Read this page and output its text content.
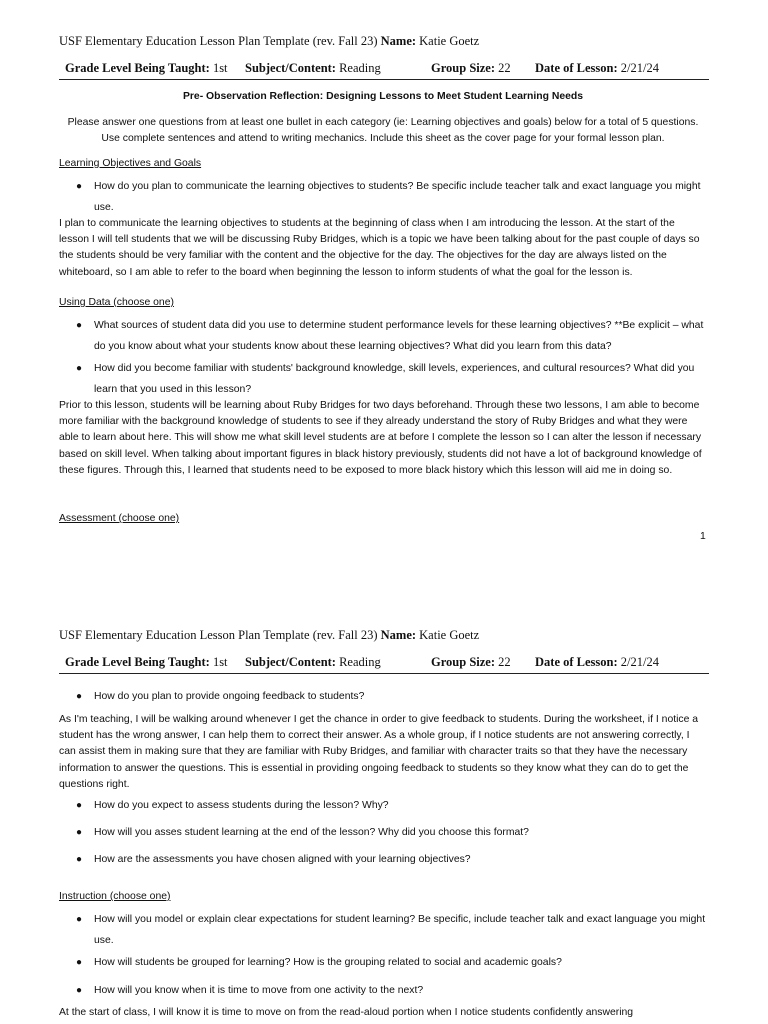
USF Elementary Education Lesson Plan Template (rev. Fall 23) Name: Katie Goetz
Grade Level Being Taught: 1st Subject/Content: Reading	Group Size: 22 Date of Lesson: 2/21/24
Pre- Observation Reflection: Designing Lessons to Meet Student Learning Needs
Please answer one questions from at least one bullet in each category (ie: Learning objectives and goals) below for a total of 5 questions. Use complete sentences and attend to writing mechanics. Include this sheet as the cover page for your formal lesson plan.
Learning Objectives and Goals
● How do you plan to communicate the learning objectives to students? Be specific include teacher talk and exact language you might use.
I plan to communicate the learning objectives to students at the beginning of class when I am introducing the lesson. At the start of the lesson I will tell students that we will be discussing Ruby Bridges, which is a topic we have been talking about for the past couple of days so the students should be very familiar with the content and the objective for the day. The objectives for the day are always listed on the whiteboard, so I am able to refer to the board when beginning the lesson to inform students of what the goal for the lesson is.
Using Data (choose one)
● What sources of student data did you use to determine student performance levels for these learning objectives? **Be explicit – what do you know about what your students know about these learning objectives? What did you learn from this data?
● How did you become familiar with students' background knowledge, skill levels, experiences, and cultural resources? What did you learn that you used in this lesson?
Prior to this lesson, students will be learning about Ruby Bridges for two days beforehand. Through these two lessons, I am able to become more familiar with the background knowledge of students to see if they already understand the story of Ruby Bridges and what they were able to learn about here. This will show me what skill level students are at before I complete the lesson so I can alter the lesson if necessary based on skill level. When talking about important figures in black history previously, students did not have a lot of background knowledge of these figures. Through this, I learned that students need to be exposed to more black history which this lesson will aid me in doing so.
Assessment (choose one)
1
USF Elementary Education Lesson Plan Template (rev. Fall 23) Name: Katie Goetz
Grade Level Being Taught: 1st Subject/Content: Reading	Group Size: 22 Date of Lesson: 2/21/24
● How do you plan to provide ongoing feedback to students?
As I'm teaching, I will be walking around whenever I get the chance in order to give feedback to students. During the worksheet, if I notice a student has the wrong answer, I can help them to correct their answer. As a whole group, if I notice students are not answering correctly, I can assist them in making sure that they are familiar with Ruby Bridges, and familiar with character traits so that they have the necessary information to answer the questions. This is essential in providing ongoing feedback to students so they know what they can do to get the questions right.
● How do you expect to assess students during the lesson? Why?
● How will you asses student learning at the end of the lesson? Why did you choose this format?
● How are the assessments you have chosen aligned with your learning objectives?
Instruction (choose one)
● How will you model or explain clear expectations for student learning? Be specific, include teacher talk and exact language you might use.
● How will students be grouped for learning? How is the grouping related to social and academic goals?
● How will you know when it is time to move from one activity to the next?
At the start of class, I will know it is time to move on from the read-aloud portion when I notice students confidently answering
